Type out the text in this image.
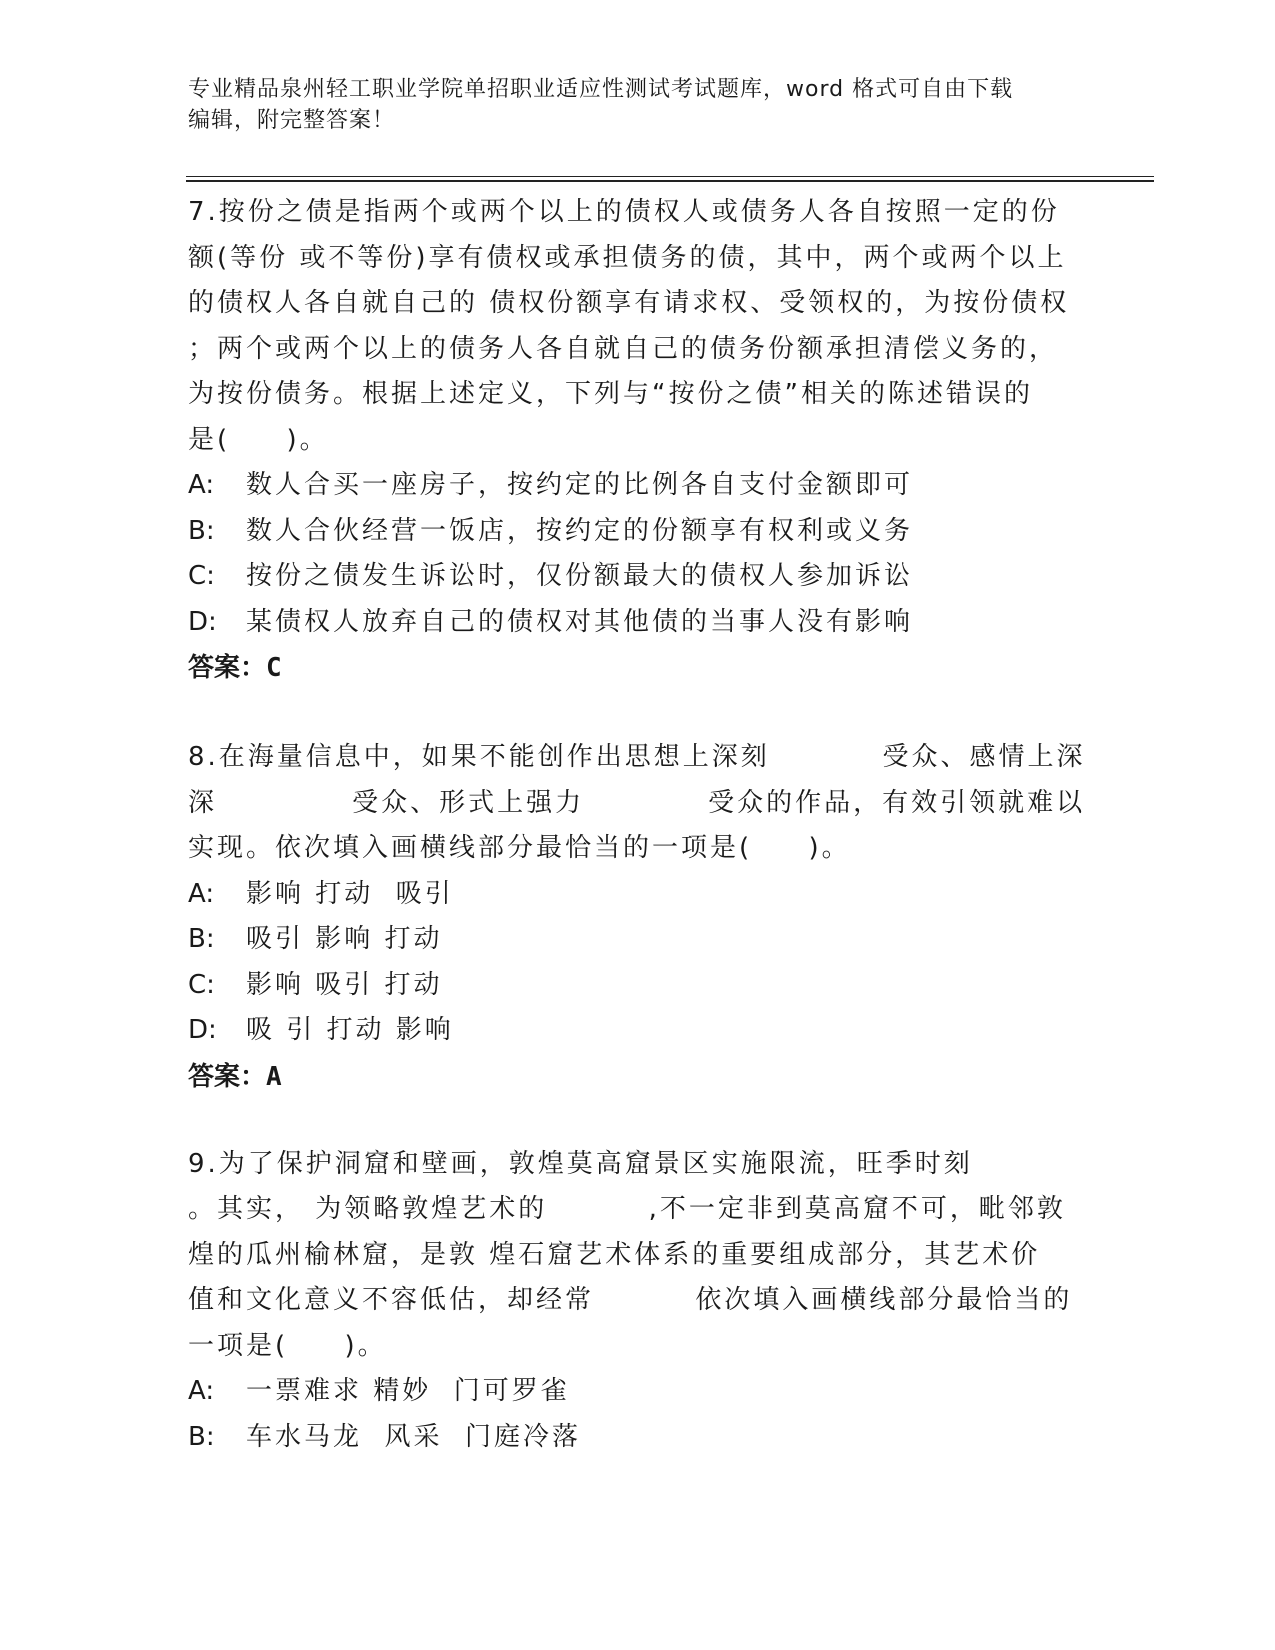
专业精品泉州轻工职业学院单招职业适应性测试考试题库，word 格式可自由下载
编辑，附完整答案！
7.按份之债是指两个或两个以上的债权人或债务人各自按照一定的份
额(等份 或不等份)享有债权或承担债务的债，其中，两个或两个以上
的债权人各自就自己的 债权份额享有请求权、受领权的，为按份债权
；两个或两个以上的债务人各自就自己的债务份额承担清偿义务的，
为按份债务。根据上述定义，下列与“按份之债”相关的陈述错误的
是(     )。
A: 数人合买一座房子，按约定的比例各自支付金额即可
B: 数人合伙经营一饭店，按约定的份额享有权利或义务
C: 按份之债发生诉讼时，仅份额最大的债权人参加诉讼
D: 某债权人放弃自己的债权对其他债的当事人没有影响
答案：C
8.在海量信息中，如果不能创作出思想上深刻          受众、感情上深
深            受众、形式上强力           受众的作品，有效引领就难以
实现。依次填入画横线部分最恰当的一项是(     )。
A: 影响 打动  吸引
B: 吸引 影响 打动
C: 影响 吸引 打动
D: 吸 引 打动 影响
答案：A
9.为了保护洞窟和壁画，敦煌莫高窟景区实施限流，旺季时刻
。其实， 为领略敦煌艺术的         ,不一定非到莫高窟不可，毗邻敦
煌的瓜州榆林窟，是敦 煌石窟艺术体系的重要组成部分，其艺术价
值和文化意义不容低估，却经常         依次填入画横线部分最恰当的
一项是(     )。
A: 一票难求 精妙  门可罗雀
B: 车水马龙  风采  门庭冷落
